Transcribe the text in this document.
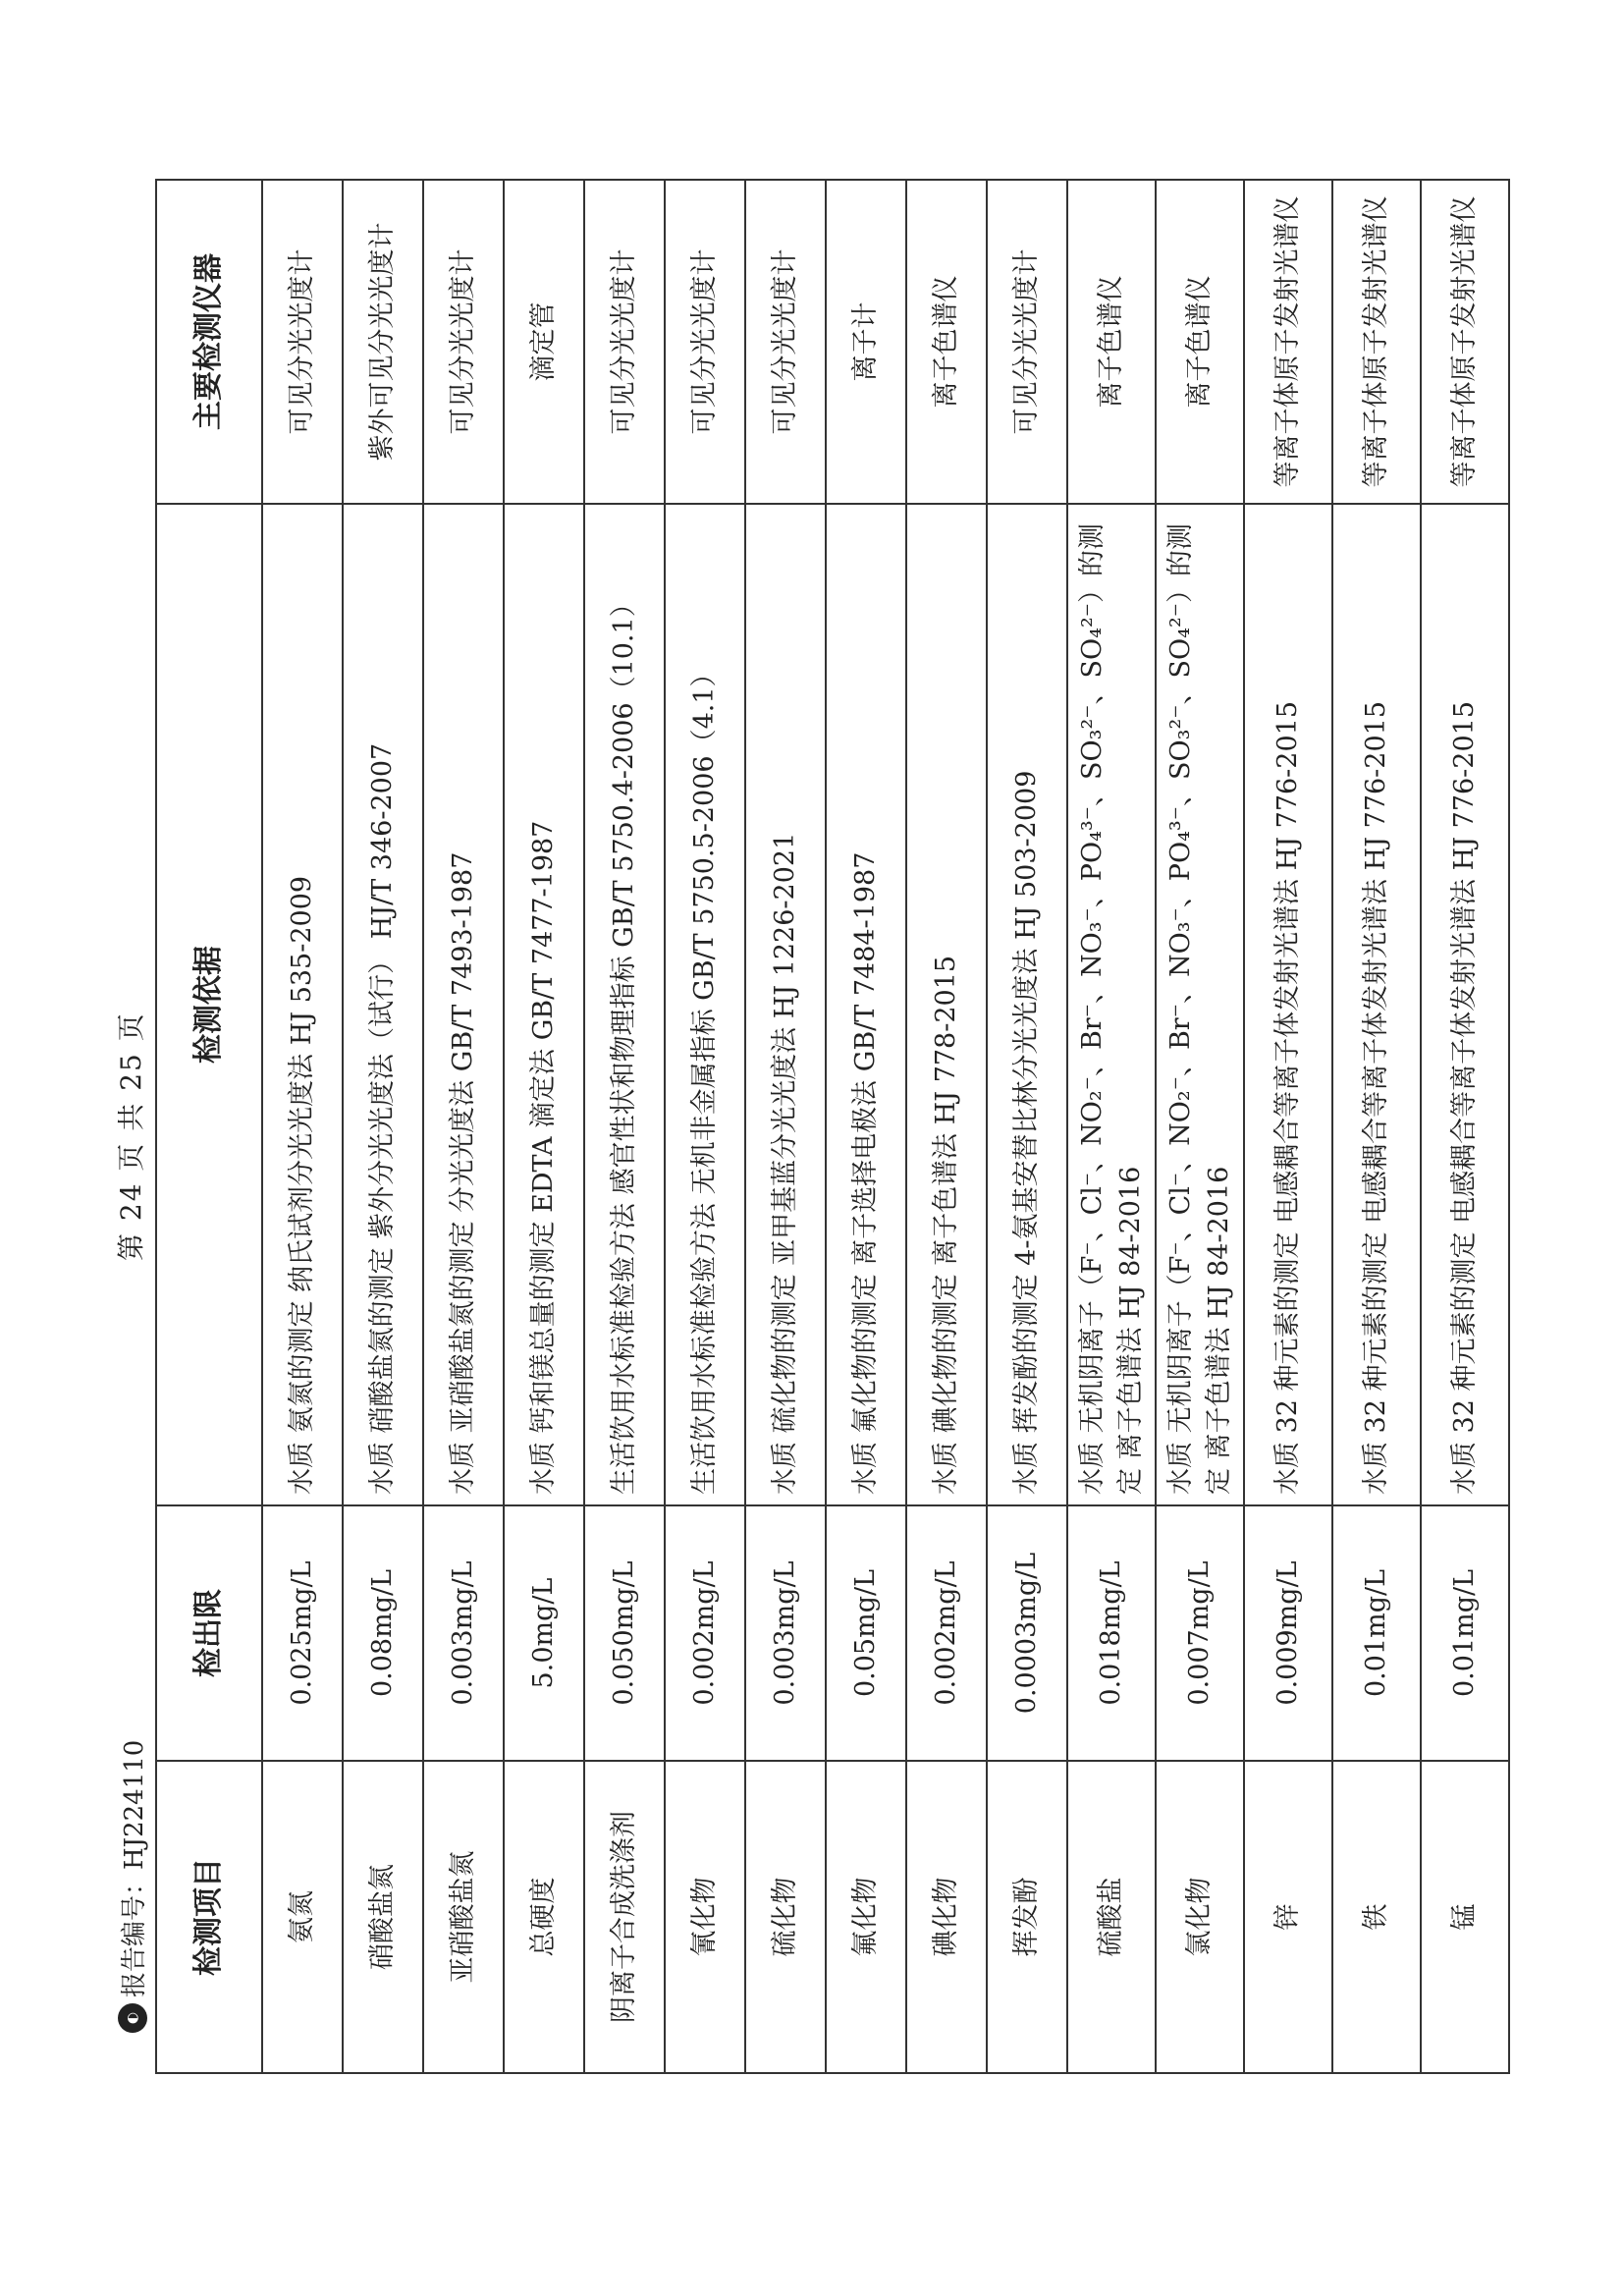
◐
报告编号：HJ224110
第 24 页 共 25 页
检测项目	检出限	检测依据	主要检测仪器
氨氮	0.025mg/L	水质 氨氮的测定 纳氏试剂分光光度法 HJ 535-2009	可见分光光度计
硝酸盐氮	0.08mg/L	水质 硝酸盐氮的测定 紫外分光光度法（试行） HJ/T 346-2007	紫外可见分光光度计
亚硝酸盐氮	0.003mg/L	水质 亚硝酸盐氮的测定 分光光度法 GB/T 7493-1987	可见分光光度计
总硬度	5.0mg/L	水质 钙和镁总量的测定 EDTA 滴定法 GB/T 7477-1987	滴定管
阴离子合成洗涤剂	0.050mg/L	生活饮用水标准检验方法 感官性状和物理指标 GB/T 5750.4-2006（10.1）	可见分光光度计
氰化物	0.002mg/L	生活饮用水标准检验方法 无机非金属指标 GB/T 5750.5-2006（4.1）	可见分光光度计
硫化物	0.003mg/L	水质 硫化物的测定 亚甲基蓝分光光度法 HJ 1226-2021	可见分光光度计
氟化物	0.05mg/L	水质 氟化物的测定 离子选择电极法 GB/T 7484-1987	离子计
碘化物	0.002mg/L	水质 碘化物的测定 离子色谱法 HJ 778-2015	离子色谱仪
挥发酚	0.0003mg/L	水质 挥发酚的测定 4-氨基安替比林分光光度法 HJ 503-2009	可见分光光度计
硫酸盐	0.018mg/L	水质 无机阴离子（F⁻、Cl⁻、NO₂⁻、Br⁻、NO₃⁻、PO₄³⁻、SO₃²⁻、SO₄²⁻）的测定 离子色谱法 HJ 84-2016	离子色谱仪
氯化物	0.007mg/L	水质 无机阴离子（F⁻、Cl⁻、NO₂⁻、Br⁻、NO₃⁻、PO₄³⁻、SO₃²⁻、SO₄²⁻）的测定 离子色谱法 HJ 84-2016	离子色谱仪
锌	0.009mg/L	水质 32 种元素的测定 电感耦合等离子体发射光谱法 HJ 776-2015	等离子体原子发射光谱仪
铁	0.01mg/L	水质 32 种元素的测定 电感耦合等离子体发射光谱法 HJ 776-2015	等离子体原子发射光谱仪
锰	0.01mg/L	水质 32 种元素的测定 电感耦合等离子体发射光谱法 HJ 776-2015	等离子体原子发射光谱仪
